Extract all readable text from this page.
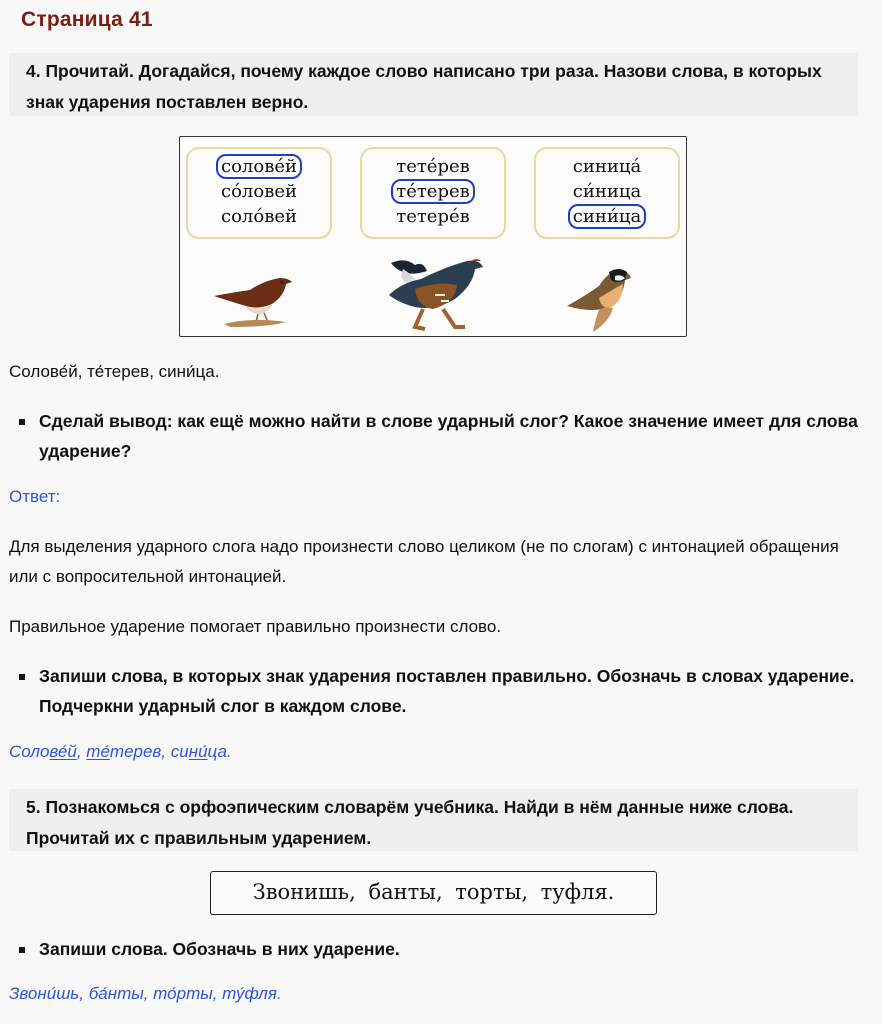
Страница 41
4. Прочитай. Догадайся, почему каждое слово написано три раза. Назови слова, в которых знак ударения поставлен верно.
солове́й
со́ловей
соло́вей
тете́рев
те́терев
тетере́в
синица́
си́ница
сини́ца
Солове́й, те́терев, сини́ца.
Сделай вывод: как ещё можно найти в слове ударный слог? Какое значение имеет для слова ударение?
Ответ:
Для выделения ударного слога надо произнести слово целиком (не по слогам) с интонацией обращения или с вопросительной интонацией.
Правильное ударение помогает правильно произнести слово.
Запиши слова, в которых знак ударения поставлен правильно. Обозначь в словах ударение. Подчеркни ударный слог в каждом слове.
Солове́й, те́терев, сини́ца.
5. Познакомься с орфоэпическим словарём учебника. Найди в нём данные ниже слова. Прочитай их с правильным ударением.
Звонишь, банты, торты, туфля.
Запиши слова. Обозначь в них ударение.
Звони́шь, ба́нты, то́рты, ту́фля.
